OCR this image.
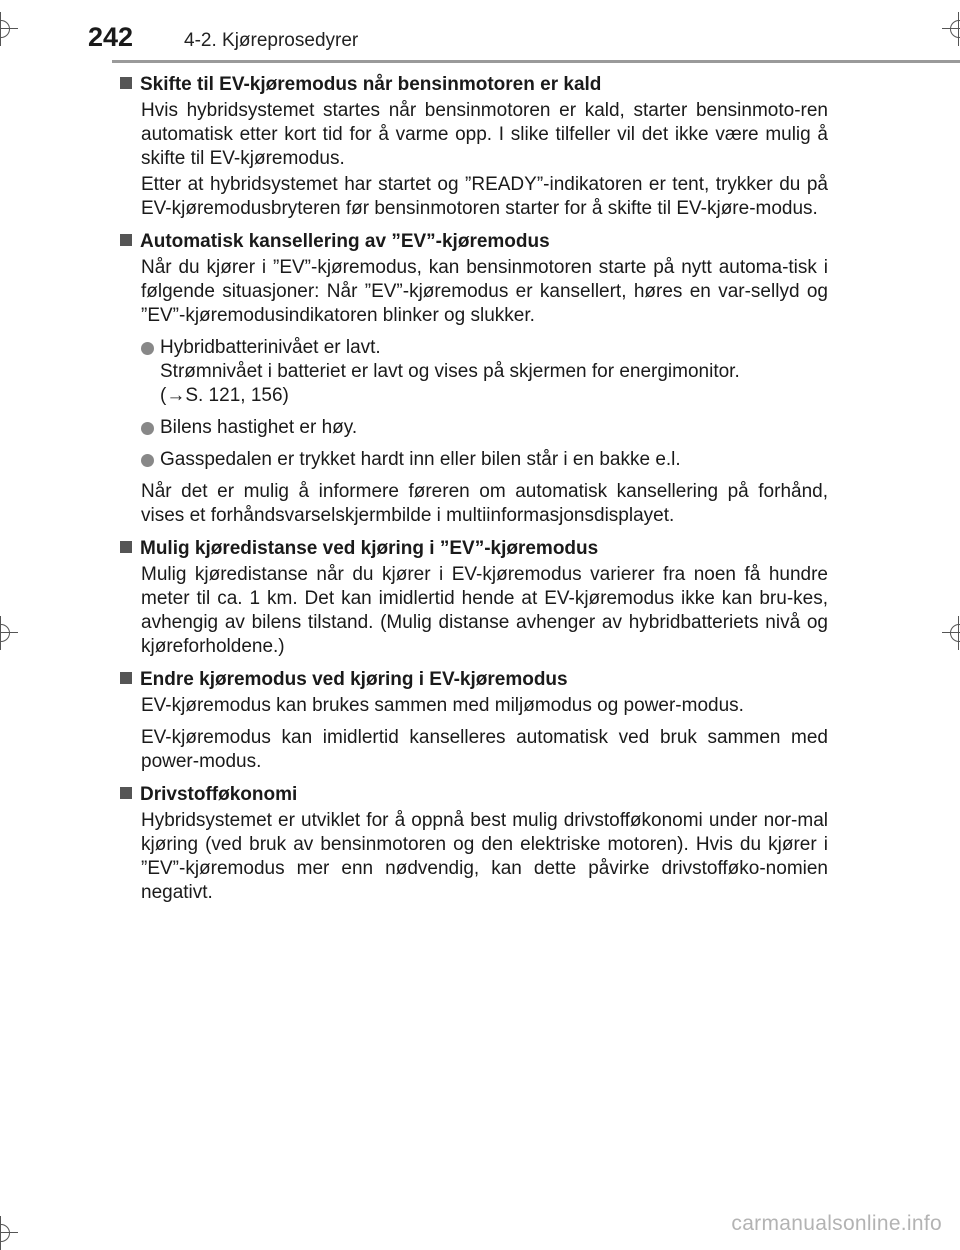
242	4-2. Kjøreprosedyrer
Skifte til EV-kjøremodus når bensinmotoren er kald
Hvis hybridsystemet startes når bensinmotoren er kald, starter bensinmoto-ren automatisk etter kort tid for å varme opp. I slike tilfeller vil det ikke være mulig å skifte til EV-kjøremodus.
Etter at hybridsystemet har startet og ”READY”-indikatoren er tent, trykker du på EV-kjøremodusbryteren før bensinmotoren starter for å skifte til EV-kjøre-modus.
Automatisk kansellering av ”EV”-kjøremodus
Når du kjører i ”EV”-kjøremodus, kan bensinmotoren starte på nytt automa-tisk i følgende situasjoner: Når ”EV”-kjøremodus er kansellert, høres en var-sellyd og ”EV”-kjøremodusindikatoren blinker og slukker.
Hybridbatterinivået er lavt.
Strømnivået i batteriet er lavt og vises på skjermen for energimonitor.
(→S. 121, 156)
Bilens hastighet er høy.
Gasspedalen er trykket hardt inn eller bilen står i en bakke e.l.
Når det er mulig å informere føreren om automatisk kansellering på forhånd, vises et forhåndsvarselskjermbilde i multiinformasjonsdisplayet.
Mulig kjøredistanse ved kjøring i ”EV”-kjøremodus
Mulig kjøredistanse når du kjører i EV-kjøremodus varierer fra noen få hundre meter til ca. 1 km. Det kan imidlertid hende at EV-kjøremodus ikke kan bru-kes, avhengig av bilens tilstand. (Mulig distanse avhenger av hybridbatteriets nivå og kjøreforholdene.)
Endre kjøremodus ved kjøring i EV-kjøremodus
EV-kjøremodus kan brukes sammen med miljømodus og power-modus.
EV-kjøremodus kan imidlertid kanselleres automatisk ved bruk sammen med power-modus.
Drivstofføkonomi
Hybridsystemet er utviklet for å oppnå best mulig drivstofføkonomi under nor-mal kjøring (ved bruk av bensinmotoren og den elektriske motoren). Hvis du kjører i ”EV”-kjøremodus mer enn nødvendig, kan dette påvirke drivstofføko-nomien negativt.
carmanualsonline.info
